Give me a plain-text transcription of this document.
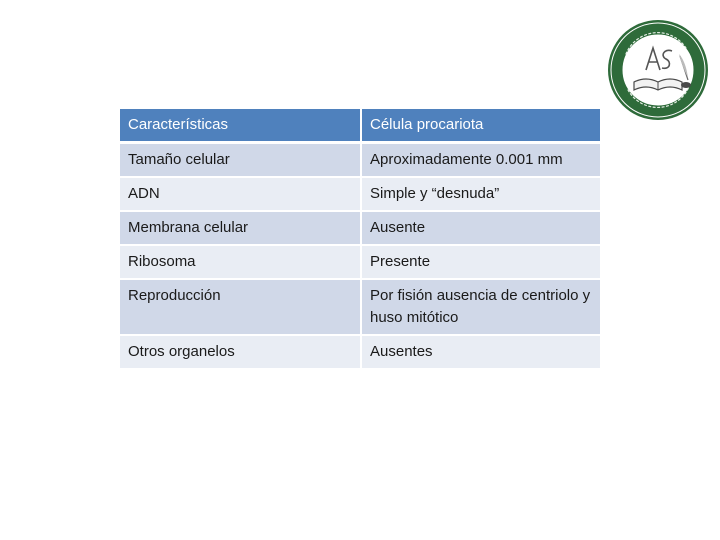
Características	Célula procariota
Tamaño celular	Aproximadamente 0.001 mm
ADN	Simple y “desnuda”
Membrana celular	Ausente
Ribosoma	Presente
Reproducción	Por fisión ausencia de centriolo y huso mitótico
Otros organelos	Ausentes
